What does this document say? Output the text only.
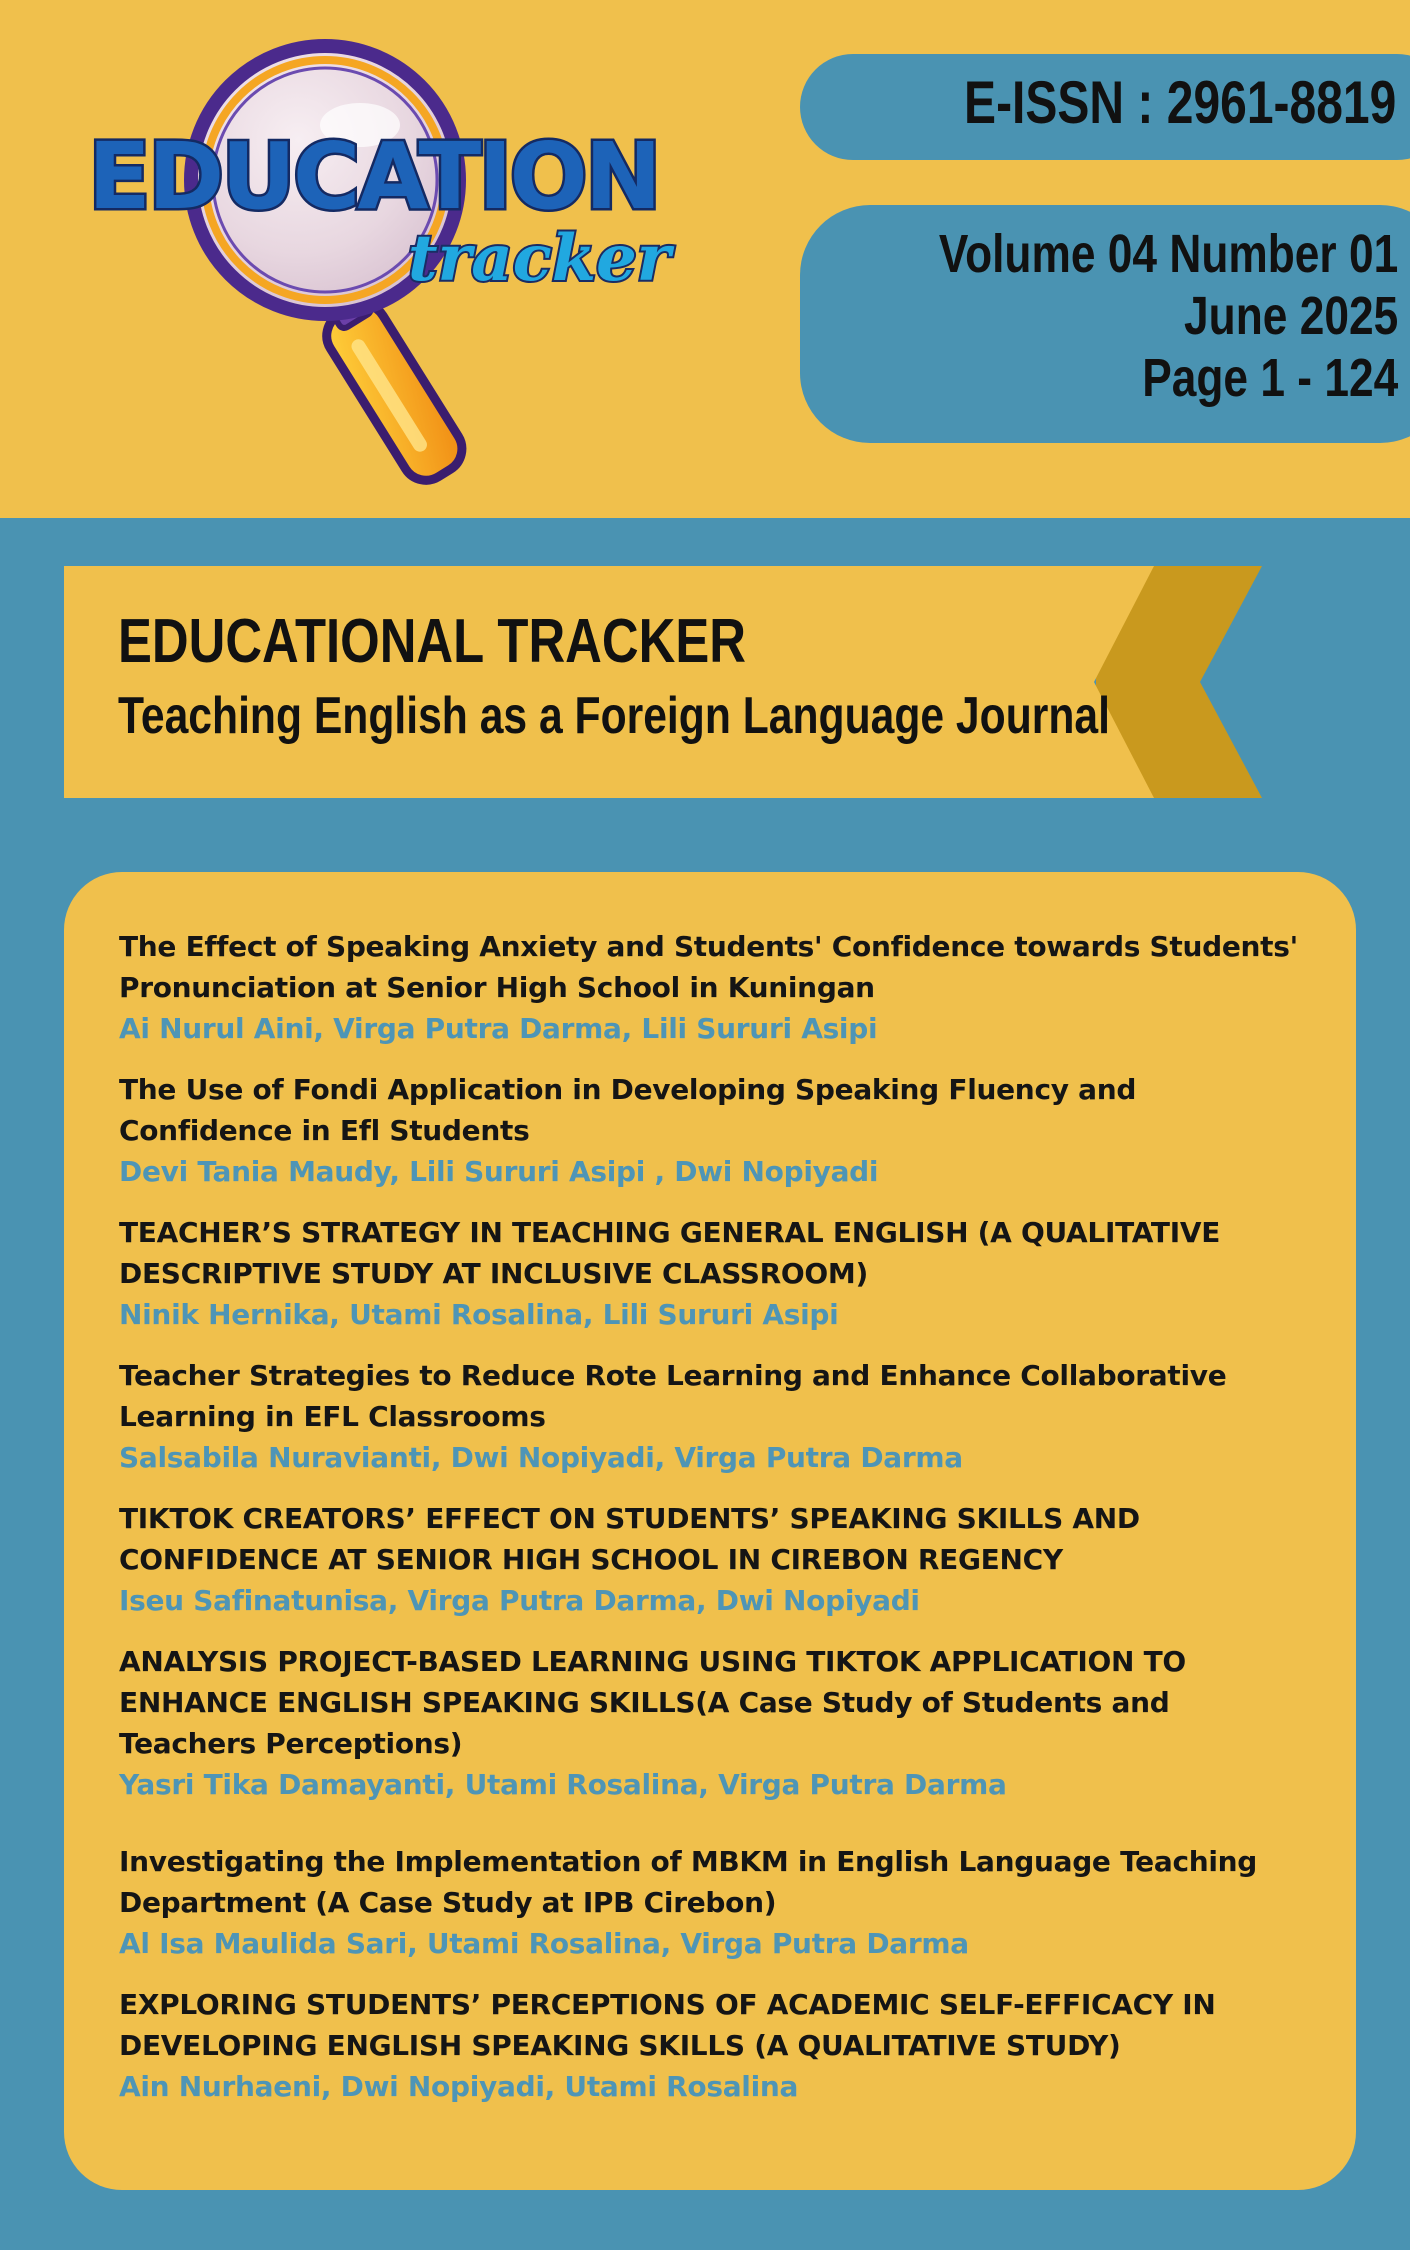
EDUCATION
tracker
E-ISSN : 2961-8819
Volume 04 Number 01
June 2025
Page 1 - 124
EDUCATIONAL TRACKER
Teaching English as a Foreign Language Journal
The Effect of Speaking Anxiety and Students' Confidence towards Students' Pronunciation at Senior High School in Kuningan
Ai Nurul Aini, Virga Putra Darma, Lili Sururi Asipi
The Use of Fondi Application in Developing Speaking Fluency and Confidence in Efl Students
Devi Tania Maudy, Lili Sururi Asipi , Dwi Nopiyadi
TEACHER’S STRATEGY IN TEACHING GENERAL ENGLISH (A QUALITATIVE DESCRIPTIVE STUDY AT INCLUSIVE CLASSROOM)
Ninik Hernika, Utami Rosalina, Lili Sururi Asipi
Teacher Strategies to Reduce Rote Learning and Enhance Collaborative Learning in EFL Classrooms
Salsabila Nuravianti, Dwi Nopiyadi, Virga Putra Darma
TIKTOK CREATORS’ EFFECT ON STUDENTS’ SPEAKING SKILLS AND CONFIDENCE AT SENIOR HIGH SCHOOL IN CIREBON REGENCY
Iseu Safinatunisa, Virga Putra Darma, Dwi Nopiyadi
ANALYSIS PROJECT-BASED LEARNING USING TIKTOK APPLICATION TO ENHANCE ENGLISH SPEAKING SKILLS(A Case Study of Students and Teachers Perceptions)
Yasri Tika Damayanti, Utami Rosalina, Virga Putra Darma
Investigating the Implementation of MBKM in English Language Teaching Department (A Case Study at IPB Cirebon)
Al Isa Maulida Sari, Utami Rosalina, Virga Putra Darma
EXPLORING STUDENTS’ PERCEPTIONS OF ACADEMIC SELF-EFFICACY IN DEVELOPING ENGLISH SPEAKING SKILLS (A QUALITATIVE STUDY)
Ain Nurhaeni, Dwi Nopiyadi, Utami Rosalina
